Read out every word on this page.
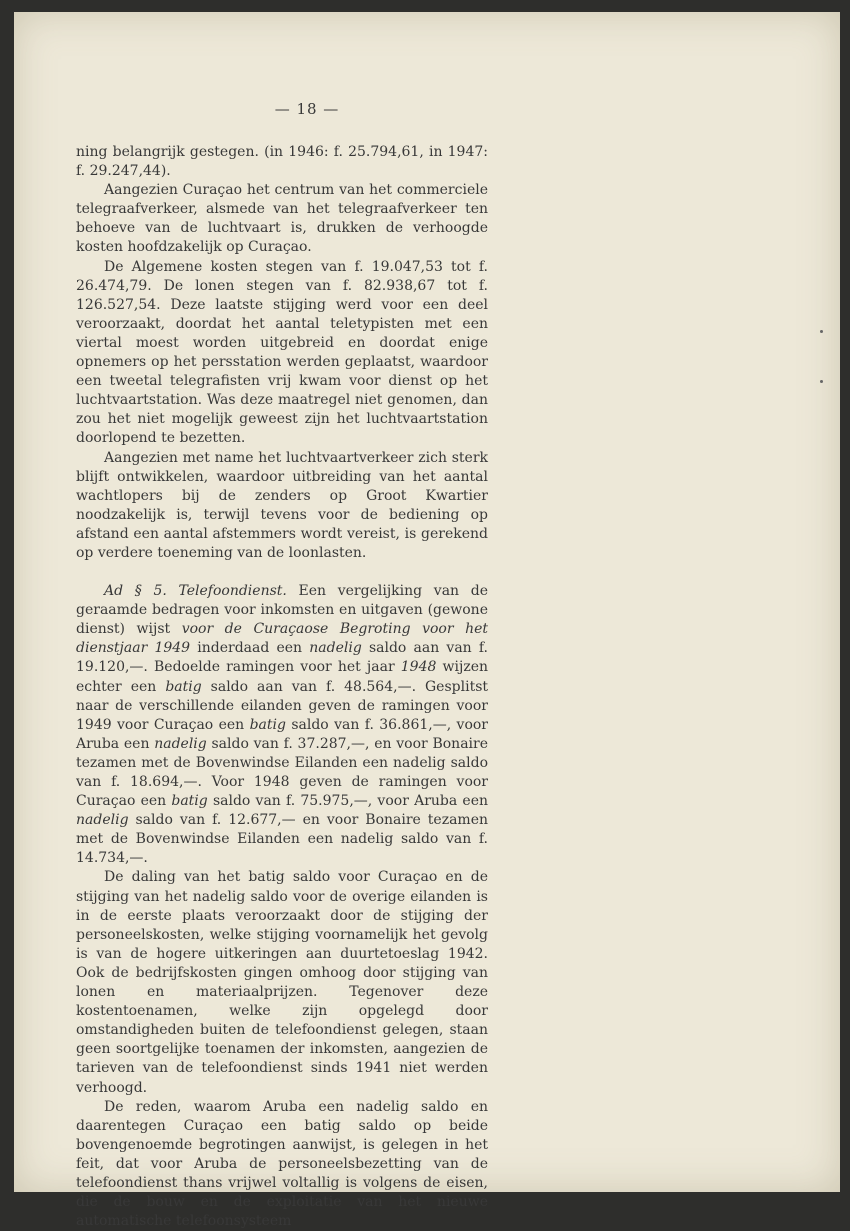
— 18 —

ning belangrijk gestegen. (in 1946: f. 25.794,61, in 1947: f. 29.247,44).

Aangezien Curaçao het centrum van het commerciele telegraafverkeer, alsmede van het telegraafverkeer ten behoeve van de luchtvaart is, drukken de verhoogde kosten hoofdzakelijk op Curaçao.

De Algemene kosten stegen van f. 19.047,53 tot f. 26.474,79. De lonen stegen van f. 82.938,67 tot f. 126.527,54. Deze laatste stijging werd voor een deel veroorzaakt, doordat het aantal teletypisten met een viertal moest worden uitgebreid en doordat enige opnemers op het persstation werden geplaatst, waardoor een tweetal telegrafisten vrij kwam voor dienst op het luchtvaartstation. Was deze maatregel niet genomen, dan zou het niet mogelijk geweest zijn het luchtvaartstation doorlopend te bezetten.

Aangezien met name het luchtvaartverkeer zich sterk blijft ontwikkelen, waardoor uitbreiding van het aantal wachtlopers bij de zenders op Groot Kwartier noodzakelijk is, terwijl tevens voor de bediening op afstand een aantal afstemmers wordt vereist, is gerekend op verdere toeneming van de loonlasten.

Ad § 5. Telefoondienst. Een vergelijking van de geraamde bedragen voor inkomsten en uitgaven (gewone dienst) wijst voor de Curaçaose Begroting voor het dienstjaar 1949 inderdaad een nadelig saldo aan van f. 19.120,—. Bedoelde ramingen voor het jaar 1948 wijzen echter een batig saldo aan van f. 48.564,—. Gesplitst naar de verschillende eilanden geven de ramingen voor 1949 voor Curaçao een batig saldo van f. 36.861,—, voor Aruba een nadelig saldo van f. 37.287,—, en voor Bonaire tezamen met de Bovenwindse Eilanden een nadelig saldo van f. 18.694,—. Voor 1948 geven de ramingen voor Curaçao een batig saldo van f. 75.975,—, voor Aruba een nadelig saldo van f. 12.677,— en voor Bonaire tezamen met de Bovenwindse Eilanden een nadelig saldo van f. 14.734,—.

De daling van het batig saldo voor Curaçao en de stijging van het nadelig saldo voor de overige eilanden is in de eerste plaats veroorzaakt door de stijging der personeelskosten, welke stijging voornamelijk het gevolg is van de hogere uitkeringen aan duurtetoeslag 1942. Ook de bedrijfskosten gingen omhoog door stijging van lonen en materiaalprijzen. Tegenover deze kostentoenamen, welke zijn opgelegd door omstandigheden buiten de telefoondienst gelegen, staan geen soortgelijke toenamen der inkomsten, aangezien de tarieven van de telefoondienst sinds 1941 niet werden verhoogd.

De reden, waarom Aruba een nadelig saldo en daarentegen Curaçao een batig saldo op beide bovengenoemde begrotingen aanwijst, is gelegen in het feit, dat voor Aruba de personeelsbezetting van de telefoondienst thans vrijwel voltallig is volgens de eisen, die de bouw en de exploitatie van het nieuwe automatische telefoonsysteem
